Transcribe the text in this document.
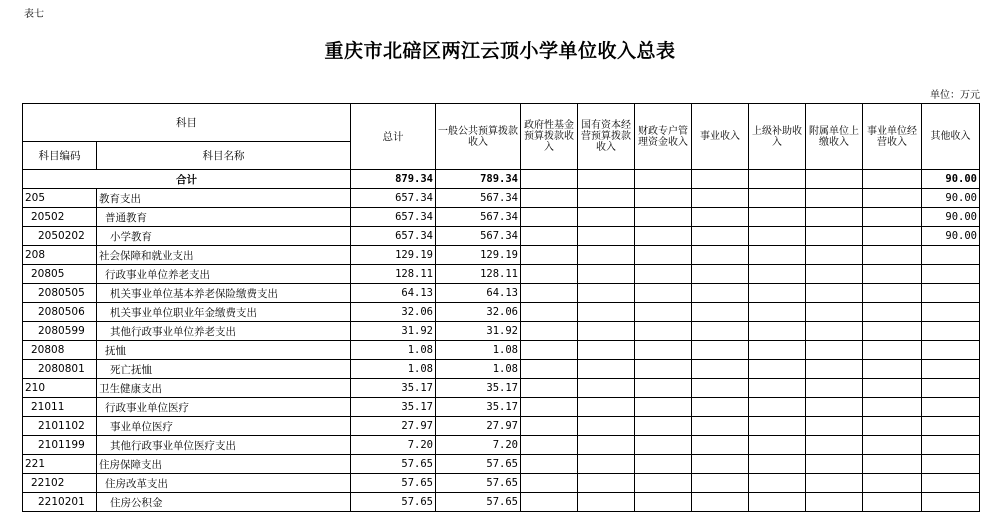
表七
重庆市北碚区两江云顶小学单位收入总表
单位：万元
科目		总计	一般公共预算拨款收入	政府性基金预算拨款收入	国有资本经营预算拨款收入	财政专户管理资金收入	事业收入	上级补助收入	附属单位上缴收入	事业单位经营收入	其他收入
科目编码	科目名称										
合计		879.34	789.34								90.00
205	教育支出	657.34	567.34								90.00
20502	普通教育	657.34	567.34								90.00
2050202	小学教育	657.34	567.34								90.00
208	社会保障和就业支出	129.19	129.19								
20805	行政事业单位养老支出	128.11	128.11								
2080505	机关事业单位基本养老保险缴费支出	64.13	64.13								
2080506	机关事业单位职业年金缴费支出	32.06	32.06								
2080599	其他行政事业单位养老支出	31.92	31.92								
20808	抚恤	1.08	1.08								
2080801	死亡抚恤	1.08	1.08								
210	卫生健康支出	35.17	35.17								
21011	行政事业单位医疗	35.17	35.17								
2101102	事业单位医疗	27.97	27.97								
2101199	其他行政事业单位医疗支出	7.20	7.20								
221	住房保障支出	57.65	57.65								
22102	住房改革支出	57.65	57.65								
2210201	住房公积金	57.65	57.65								
